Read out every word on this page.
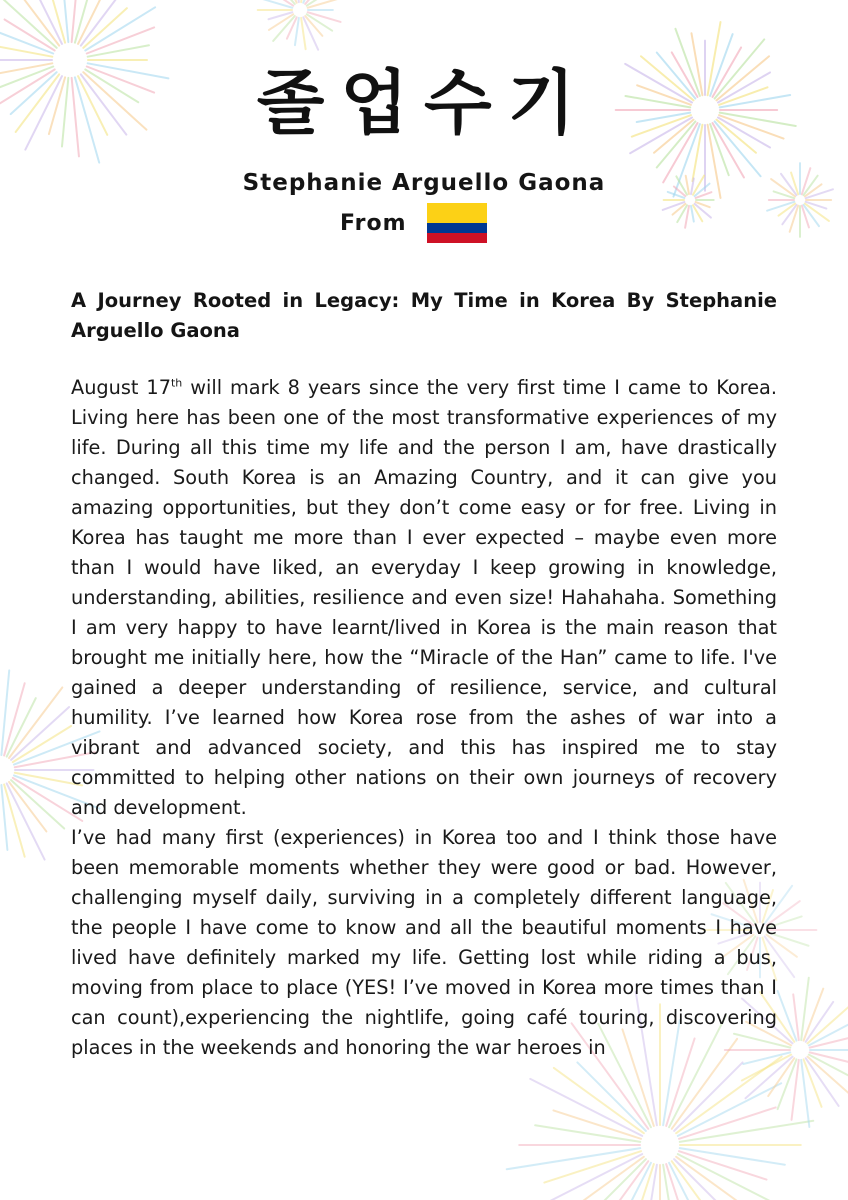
졸업수기
Stephanie Arguello Gaona
From
A Journey Rooted in Legacy: My Time in Korea By Stephanie Arguello Gaona

August 17th will mark 8 years since the very first time I came to Korea. Living here has been one of the most transformative experiences of my life. During all this time my life and the person I am, have drastically changed. South Korea is an Amazing Country, and it can give you amazing opportunities, but they don’t come easy or for free. Living in Korea has taught me more than I ever expected – maybe even more than I would have liked, an everyday I keep growing in knowledge, understanding, abilities, resilience and even size! Hahahaha. Something I am very happy to have learnt/lived in Korea is the main reason that brought me initially here, how the “Miracle of the Han” came to life. I've gained a deeper understanding of resilience, service, and cultural humility. I’ve learned how Korea rose from the ashes of war into a vibrant and advanced society, and this has inspired me to stay committed to helping other nations on their own journeys of recovery and development.

I’ve had many first (experiences) in Korea too and I think those have been memorable moments whether they were good or bad. However, challenging myself daily, surviving in a completely different language, the people I have come to know and all the beautiful moments I have lived have definitely marked my life. Getting lost while riding a bus, moving from place to place (YES! I’ve moved in Korea more times than I can count),experiencing the nightlife, going café touring, discovering places in the weekends and honoring the war heroes in
